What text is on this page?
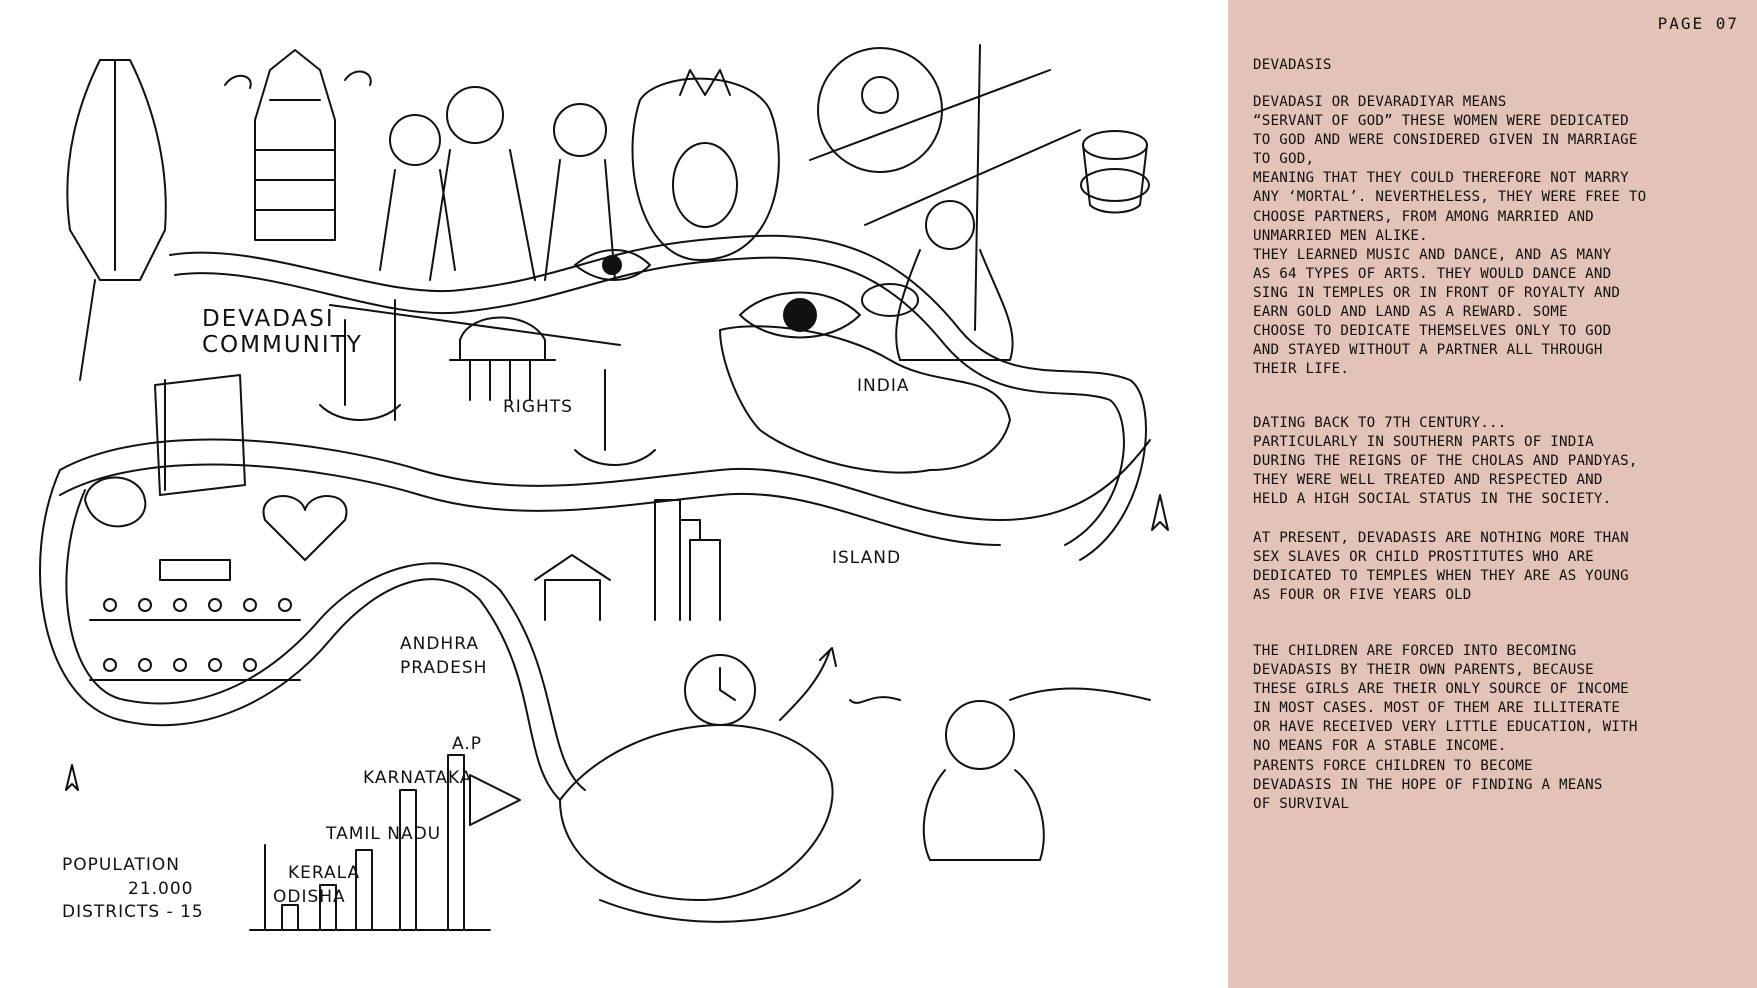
DEVADASI COMMUNITY
RIGHTS
INDIA
ISLAND
ANDHRA PRADESH
A.P
KARNATAKA
TAMIL NADU
KERALA
ODISHA
POPULATION
21.000
DISTRICTS - 15
PAGE 07

DEVADASIS

DEVADASI OR DEVARADIYAR MEANS
“SERVANT OF GOD” THESE WOMEN WERE DEDICATED
TO GOD AND WERE CONSIDERED GIVEN IN MARRIAGE
TO GOD,
MEANING THAT THEY COULD THEREFORE NOT MARRY
ANY ‘MORTAL’. NEVERTHELESS, THEY WERE FREE TO
CHOOSE PARTNERS, FROM AMONG MARRIED AND
UNMARRIED MEN ALIKE.
THEY LEARNED MUSIC AND DANCE, AND AS MANY
AS 64 TYPES OF ARTS. THEY WOULD DANCE AND
SING IN TEMPLES OR IN FRONT OF ROYALTY AND
EARN GOLD AND LAND AS A REWARD. SOME
CHOOSE TO DEDICATE THEMSELVES ONLY TO GOD
AND STAYED WITHOUT A PARTNER ALL THROUGH
THEIR LIFE.

DATING BACK TO 7TH CENTURY...
PARTICULARLY IN SOUTHERN PARTS OF INDIA
DURING THE REIGNS OF THE CHOLAS AND PANDYAS,
THEY WERE WELL TREATED AND RESPECTED AND
HELD A HIGH SOCIAL STATUS IN THE SOCIETY.

AT PRESENT, DEVADASIS ARE NOTHING MORE THAN
SEX SLAVES OR CHILD PROSTITUTES WHO ARE
DEDICATED TO TEMPLES WHEN THEY ARE AS YOUNG
AS FOUR OR FIVE YEARS OLD

THE CHILDREN ARE FORCED INTO BECOMING
DEVADASIS BY THEIR OWN PARENTS, BECAUSE
THESE GIRLS ARE THEIR ONLY SOURCE OF INCOME
IN MOST CASES. MOST OF THEM ARE ILLITERATE
OR HAVE RECEIVED VERY LITTLE EDUCATION, WITH
NO MEANS FOR A STABLE INCOME.
PARENTS FORCE CHILDREN TO BECOME
DEVADASIS IN THE HOPE OF FINDING A MEANS
OF SURVIVAL
